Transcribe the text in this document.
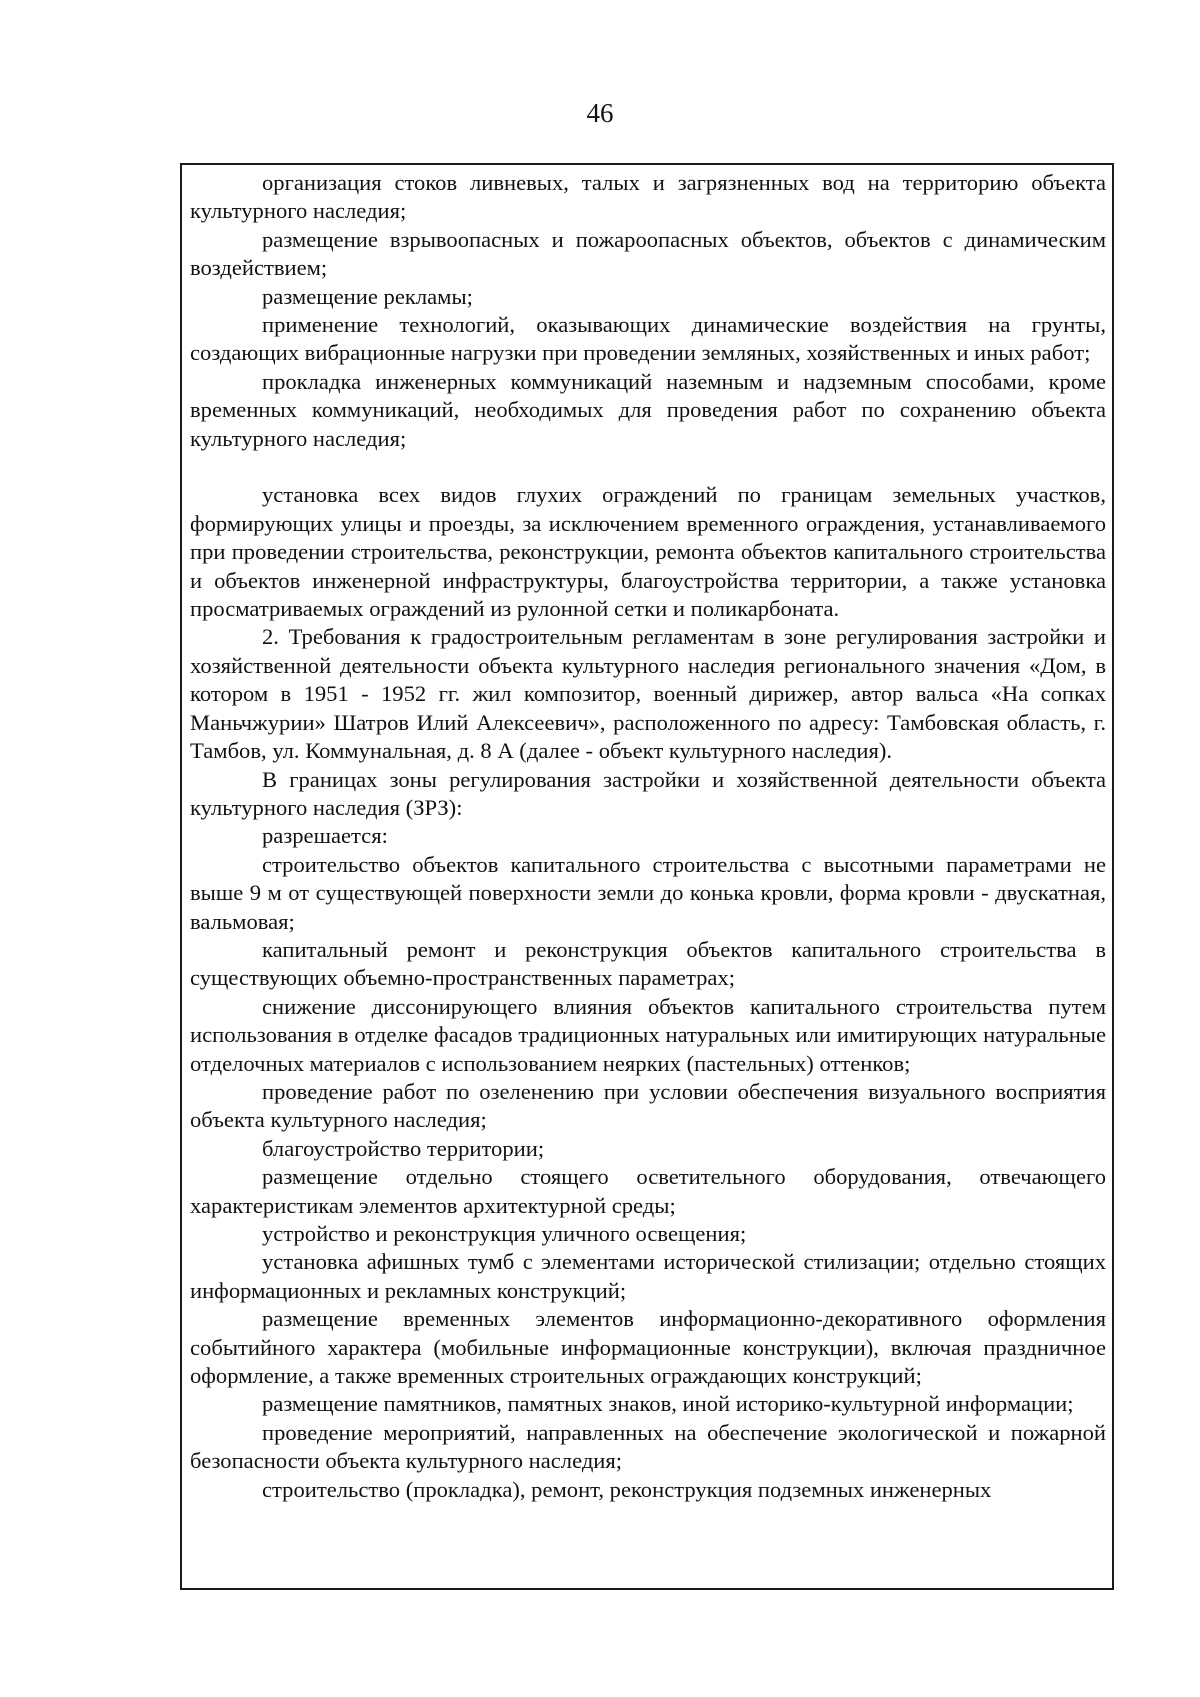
46

организация стоков ливневых, талых и загрязненных вод на территорию объекта культурного наследия;

размещение взрывоопасных и пожароопасных объектов, объектов с динамическим воздействием;

размещение рекламы;

применение технологий, оказывающих динамические воздействия на грунты, создающих вибрационные нагрузки при проведении земляных, хозяйственных и иных работ;

прокладка инженерных коммуникаций наземным и надземным способами, кроме временных коммуникаций, необходимых для проведения работ по сохранению объекта культурного наследия;

установка всех видов глухих ограждений по границам земельных участков, формирующих улицы и проезды, за исключением временного ограждения, устанавливаемого при проведении строительства, реконструкции, ремонта объектов капитального строительства и объектов инженерной инфраструктуры, благоустройства территории, а также установка просматриваемых ограждений из рулонной сетки и поликарбоната.

2. Требования к градостроительным регламентам в зоне регулирования застройки и хозяйственной деятельности объекта культурного наследия регионального значения «Дом, в котором в 1951 - 1952 гг. жил композитор, военный дирижер, автор вальса «На сопках Маньчжурии» Шатров Илий Алексеевич», расположенного по адресу: Тамбовская область, г. Тамбов, ул. Коммунальная, д. 8 А (далее - объект культурного наследия).

В границах зоны регулирования застройки и хозяйственной деятельности объекта культурного наследия (ЗРЗ):

разрешается:

строительство объектов капитального строительства с высотными параметрами не выше 9 м от существующей поверхности земли до конька кровли, форма кровли - двускатная, вальмовая;

капитальный ремонт и реконструкция объектов капитального строительства в существующих объемно-пространственных параметрах;

снижение диссонирующего влияния объектов капитального строительства путем использования в отделке фасадов традиционных натуральных или имитирующих натуральные отделочных материалов с использованием неярких (пастельных) оттенков;

проведение работ по озеленению при условии обеспечения визуального восприятия объекта культурного наследия;

благоустройство территории;

размещение отдельно стоящего осветительного оборудования, отвечающего характеристикам элементов архитектурной среды;

устройство и реконструкция уличного освещения;

установка афишных тумб с элементами исторической стилизации; отдельно стоящих информационных и рекламных конструкций;

размещение временных элементов информационно-декоративного оформления событийного характера (мобильные информационные конструкции), включая праздничное оформление, а также временных строительных ограждающих конструкций;

размещение памятников, памятных знаков, иной историко-культурной информации;

проведение мероприятий, направленных на обеспечение экологической и пожарной безопасности объекта культурного наследия;

строительство (прокладка), ремонт, реконструкция подземных инженерных
